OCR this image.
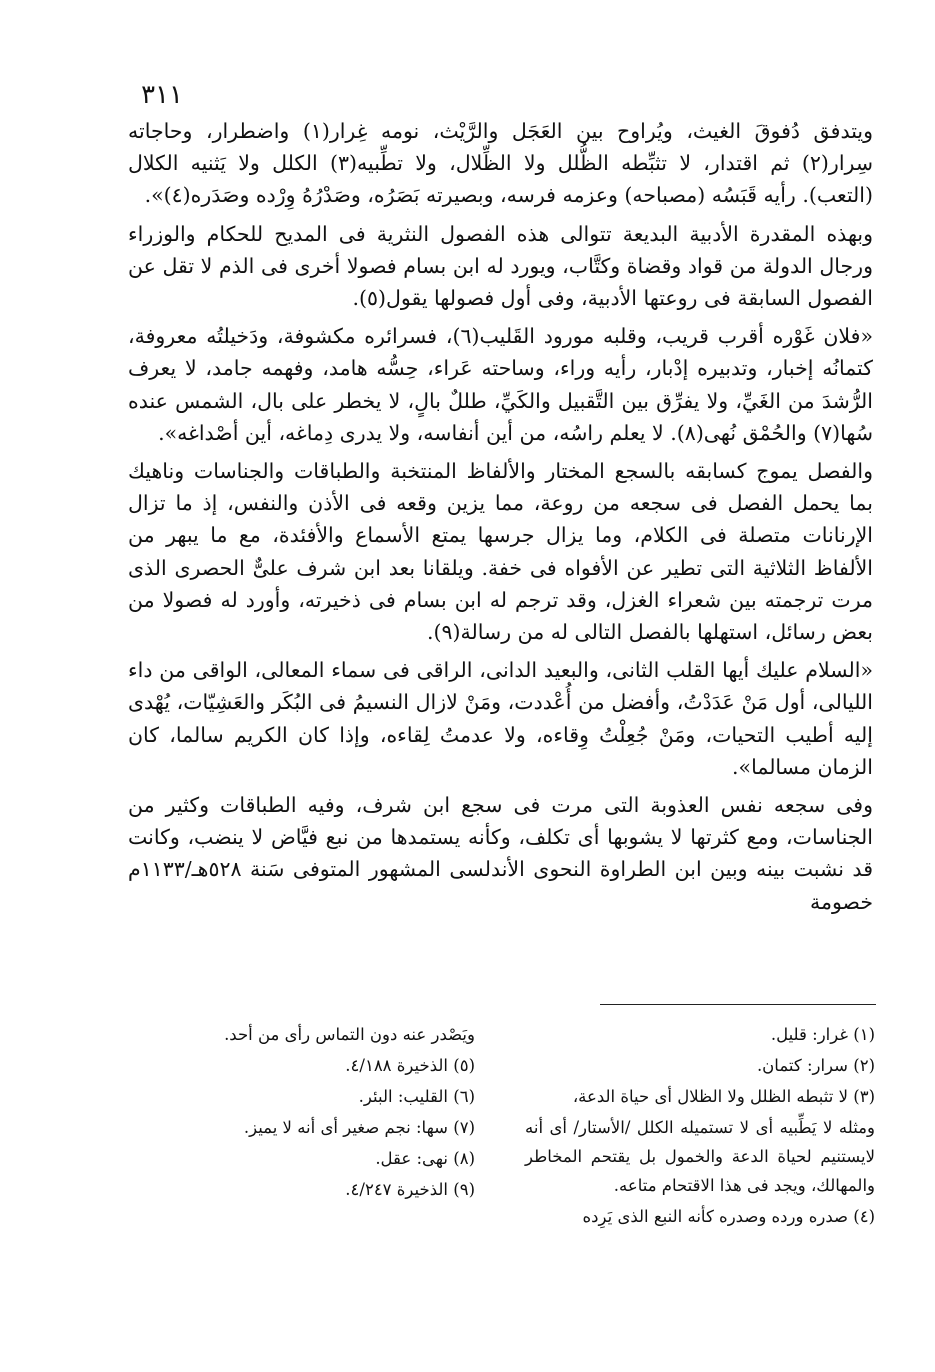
٣١١

ويتدفق دُفوقَ الغيث، ويُراوح بين العَجَل والرَّيْث، نومه غِرار(١) واضطرار، وحاجاته سِرار(٢) ثم اقتدار، لا تثبِّطه الظُّلل ولا الظِّلال، ولا تطِّبيه(٣) الكلل ولا يَثنيه الكلال (التعب). رأيه قَبَسُه (مصباحه) وعزمه فرسه، وبصيرته بَصَرُه، وصَدْرُهُ وِرْده وصَدَره(٤)».

وبهذه المقدرة الأدبية البديعة تتوالى هذه الفصول النثرية فى المديح للحكام والوزراء ورجال الدولة من قواد وقضاة وكتَّاب، ويورد له ابن بسام فصولا أخرى فى الذم لا تقل عن الفصول السابقة فى روعتها الأدبية، وفى أول فصولها يقول(٥).

«فلان غَوْره أقرب قريب، وقلبه مورود القَليب(٦)، فسرائره مكشوفة، ودَخيلتُه معروفة، كتمانُه إخبار، وتدبيره إدْبار، رأيه وراء، وساحته عَراء، حِسُّه هامد، وفهمه جامد، لا يعرف الرُّشدَ من الغَيِّ، ولا يفرِّق بين التَّقبيل والكَيِّ، طللٌ بالٍ، لا يخطر على بال، الشمس عنده سُها(٧) والحُمْق نُهى(٨). لا يعلم راسُه، من أين أنفاسه، ولا يدرى دِماغه، أين أصْداغه».

والفصل يموج كسابقه بالسجع المختار والألفاظ المنتخبة والطباقات والجناسات وناهيك بما يحمل الفصل فى سجعه من روعة، مما يزين وقعه فى الأذن والنفس، إذ ما تزال الإرنانات متصلة فى الكلام، وما يزال جرسها يمتع الأسماع والأفئدة، مع ما يبهر من الألفاظ الثلاثية التى تطير عن الأفواه فى خفة. ويلقانا بعد ابن شرف علىٌّ الحصرى الذى مرت ترجمته بين شعراء الغزل، وقد ترجم له ابن بسام فى ذخيرته، وأورد له فصولا من بعض رسائل، استهلها بالفصل التالى له من رسالة(٩).

«السلام عليك أيها القلب الثانى، والبعيد الدانى، الراقى فى سماء المعالى، الواقى من داء الليالى، أول مَنْ عَدَدْتُ، وأفضل من أُعْددت، ومَنْ لازال النسيمُ فى البُكَر والعَشِيّات، يُهْدى إليه أطيب التحيات، ومَنْ جُعِلْتُ وِقاءه، ولا عدمتُ لِقاءه، وإذا كان الكريم سالما، كان الزمان مسالما».

وفى سجعه نفس العذوبة التى مرت فى سجع ابن شرف، وفيه الطباقات وكثير من الجناسات، ومع كثرتها لا يشوبها أى تكلف، وكأنه يستمدها من نبع فيَّاض لا ينضب، وكانت قد نشبت بينه وبين ابن الطراوة النحوى الأندلسى المشهور المتوفى سَنة ٥٢٨هـ/١١٣٣م خصومة

(١) غرار: قليل.
(٢) سرار: كتمان.
(٣) لا تثبطه الظلل ولا الظلال أى حياة الدعة،
ومثله لا يَطِّبيه أى لا تستميله الكلل /الأستار/ أى أنه لايستنيم لحياة الدعة والخمول بل يقتحم المخاطر والمهالك، ويجد فى هذا الاقتحام متاعه.
(٤) صدره ورده وصدره كأنه النبع الذى يَرِده
ويَصْدر عنه دون التماس رأى من أحد.
(٥) الذخيرة ٤/١٨٨.
(٦) القليب: البئر.
(٧) سها: نجم صغير أى أنه لا يميز.
(٨) نهى: عقل.
(٩) الذخيرة ٤/٢٤٧.
